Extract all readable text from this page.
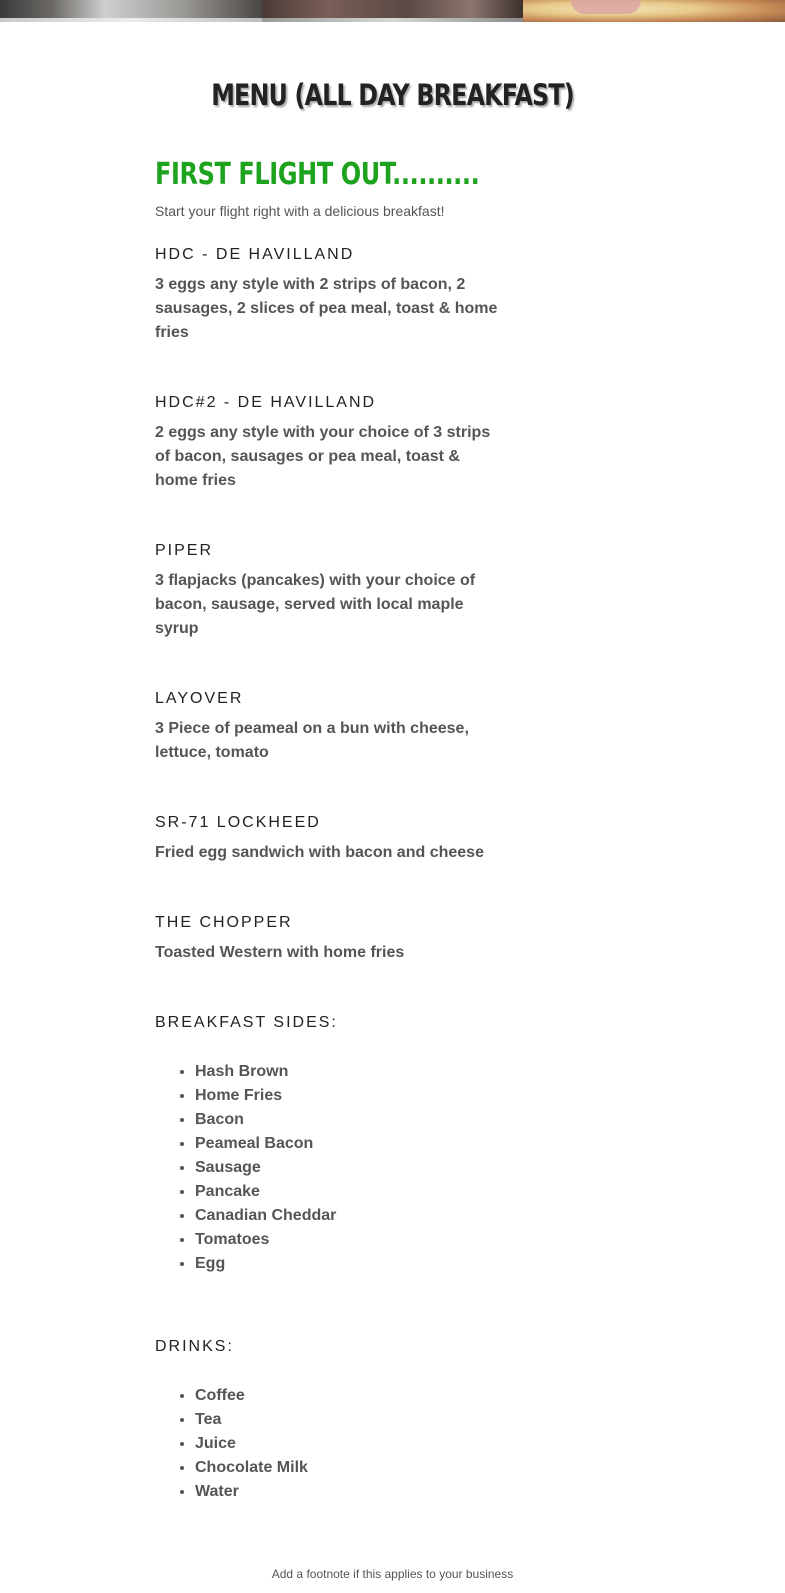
MENU (ALL DAY BREAKFAST)
FIRST FLIGHT OUT..........

Start your flight right with a delicious breakfast!

HDC - DE HAVILLAND
3 eggs any style with 2 strips of bacon, 2 sausages, 2 slices of pea meal, toast & home fries
HDC#2 - DE HAVILLAND
2 eggs any style with your choice of 3 strips of bacon, sausages or pea meal, toast & home fries
PIPER
3 flapjacks (pancakes) with your choice of bacon, sausage, served with local maple syrup
LAYOVER
3 Piece of peameal on a bun with cheese, lettuce, tomato
SR-71 LOCKHEED
Fried egg sandwich with bacon and cheese
THE CHOPPER
Toasted Western with home fries
BREAKFAST SIDES:
• Hash Brown
• Home Fries
• Bacon
• Peameal Bacon
• Sausage
• Pancake
• Canadian Cheddar
• Tomatoes
• Egg
DRINKS:
• Coffee
• Tea
• Juice
• Chocolate Milk
• Water

Add a footnote if this applies to your business
